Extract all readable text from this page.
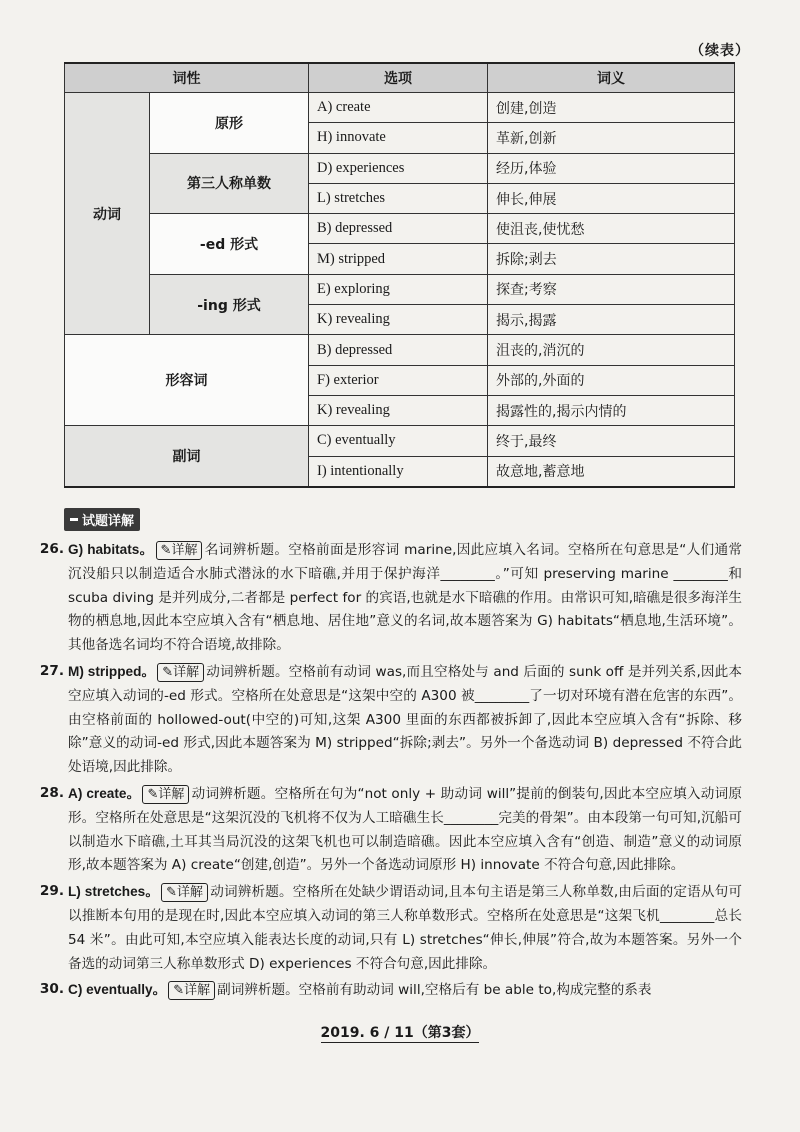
（续表）
词性		选项	词义
动词	原形	A) create	创建,创造
		H) innovate	革新,创新
	第三人称单数	D) experiences	经历,体验
		L) stretches	伸长,伸展
	-ed 形式	B) depressed	使沮丧,使忧愁
		M) stripped	拆除;剥去
	-ing 形式	E) exploring	探查;考察
		K) revealing	揭示,揭露
形容词		B) depressed	沮丧的,消沉的
		F) exterior	外部的,外面的
		K) revealing	揭露性的,揭示内情的
副词		C) eventually	终于,最终
		I) intentionally	故意地,蓄意地
试题详解
26. G) habitats。 ✎详解 名词辨析题。空格前面是形容词 marine,因此应填入名词。空格所在句意思是“人们通常沉没船只以制造适合水肺式潜泳的水下暗礁,并用于保护海洋________。”可知 preserving marine ________和 scuba diving 是并列成分,二者都是 perfect for 的宾语,也就是水下暗礁的作用。由常识可知,暗礁是很多海洋生物的栖息地,因此本空应填入含有“栖息地、居住地”意义的名词,故本题答案为 G) habitats“栖息地,生活环境”。其他备选名词均不符合语境,故排除。
27. M) stripped。 ✎详解 动词辨析题。空格前有动词 was,而且空格处与 and 后面的 sunk off 是并列关系,因此本空应填入动词的-ed 形式。空格所在处意思是“这架中空的 A300 被________了一切对环境有潜在危害的东西”。由空格前面的 hollowed-out(中空的)可知,这架 A300 里面的东西都被拆卸了,因此本空应填入含有“拆除、移除”意义的动词-ed 形式,因此本题答案为 M) stripped“拆除;剥去”。另外一个备选动词 B) depressed 不符合此处语境,因此排除。
28. A) create。 ✎详解 动词辨析题。空格所在句为“not only + 助动词 will”提前的倒装句,因此本空应填入动词原形。空格所在处意思是“这架沉没的飞机将不仅为人工暗礁生长________完美的骨架”。由本段第一句可知,沉船可以制造水下暗礁,土耳其当局沉没的这架飞机也可以制造暗礁。因此本空应填入含有“创造、制造”意义的动词原形,故本题答案为 A) create“创建,创造”。另外一个备选动词原形 H) innovate 不符合句意,因此排除。
29. L) stretches。 ✎详解 动词辨析题。空格所在处缺少谓语动词,且本句主语是第三人称单数,由后面的定语从句可以推断本句用的是现在时,因此本空应填入动词的第三人称单数形式。空格所在处意思是“这架飞机________总长 54 米”。由此可知,本空应填入能表达长度的动词,只有 L) stretches“伸长,伸展”符合,故为本题答案。另外一个备选的动词第三人称单数形式 D) experiences 不符合句意,因此排除。
30. C) eventually。 ✎详解 副词辨析题。空格前有助动词 will,空格后有 be able to,构成完整的系表
2019. 6 / 11（第3套）
